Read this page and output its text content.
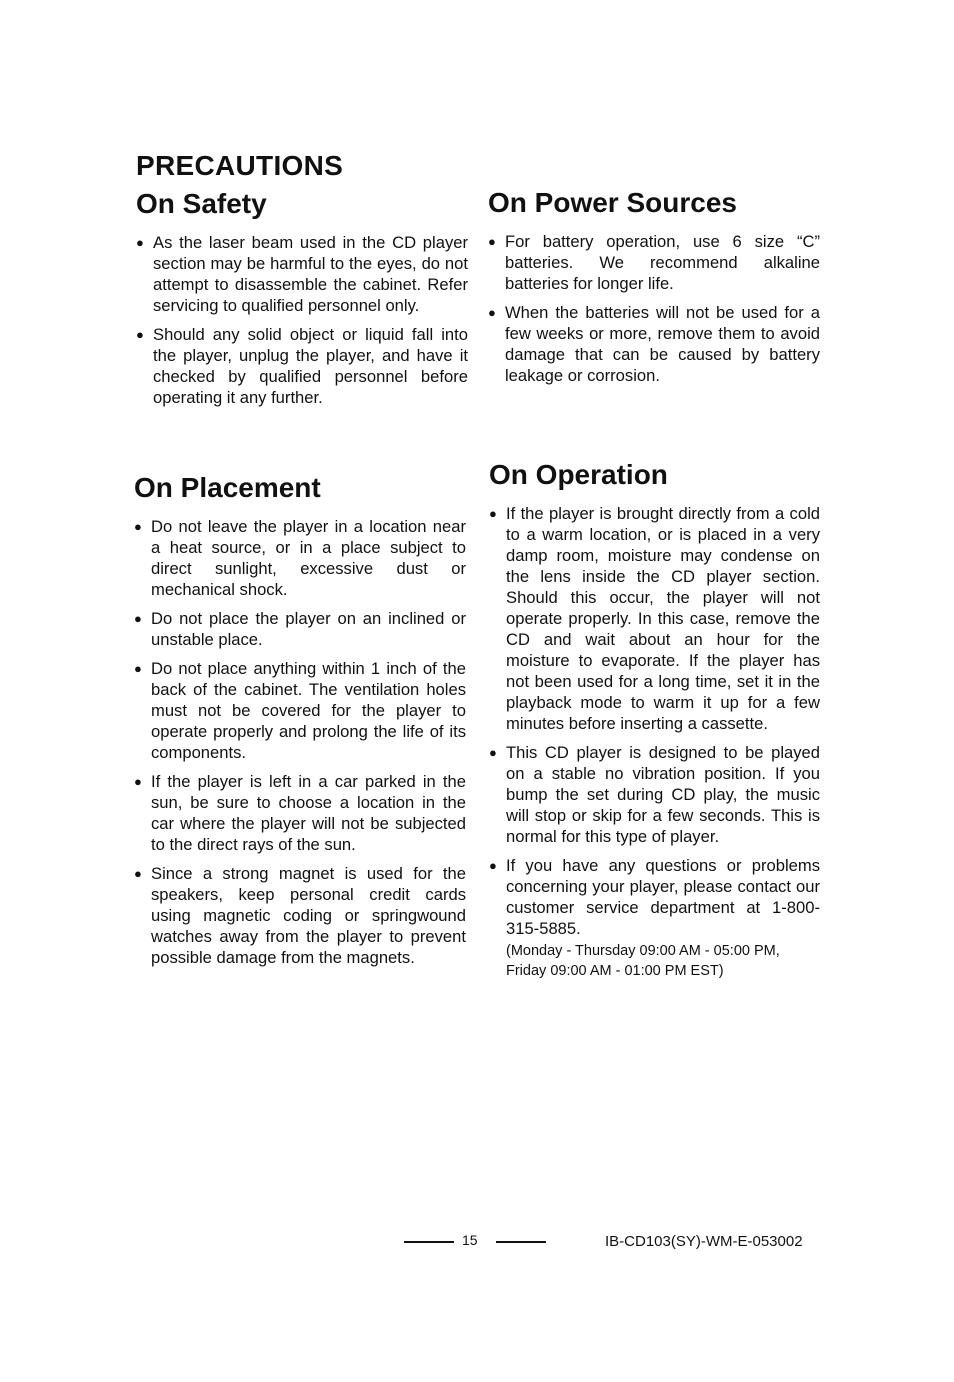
PRECAUTIONS
On Safety
● As the laser beam used in the CD player section may be harmful to the eyes, do not attempt to disassemble the cabinet. Refer servicing to qualified personnel only.
● Should any solid object or liquid fall into the player, unplug the player, and have it checked by qualified personnel before operating it any further.
On Placement
● Do not leave the player in a location near a heat source, or in a place subject to direct sunlight, excessive dust or mechanical shock.
● Do not place the player on an inclined or unstable place.
● Do not place anything within 1 inch of the back of the cabinet. The ventilation holes must not be covered for the player to operate properly and prolong the life of its components.
● If the player is left in a car parked in the sun, be sure to choose a location in the car where the player will not be subjected to the direct rays of the sun.
● Since a strong magnet is used for the speakers, keep personal credit cards using magnetic coding or springwound watches away from the player to prevent possible damage from the magnets.
On Power Sources
● For battery operation, use 6 size “C” batteries. We recommend alkaline batteries for longer life.
● When the batteries will not be used for a few weeks or more, remove them to avoid damage that can be caused by battery leakage or corrosion.
On Operation
● If the player is brought directly from a cold to a warm location, or is placed in a very damp room, moisture may condense on the lens inside the CD player section. Should this occur, the player will not operate properly. In this case, remove the CD and wait about an hour for the moisture to evaporate. If the player has not been used for a long time, set it in the playback mode to warm it up for a few minutes before inserting a cassette.
● This CD player is designed to be played on a stable no vibration position. If you bump the set during CD play, the music will stop or skip for a few seconds. This is normal for this type of player.
● If you have any questions or problems concerning your player, please contact our customer service department at 1-800-315-5885.
(Monday - Thursday 09:00 AM - 05:00 PM,
Friday 09:00 AM - 01:00 PM EST)
15	IB-CD103(SY)-WM-E-053002
